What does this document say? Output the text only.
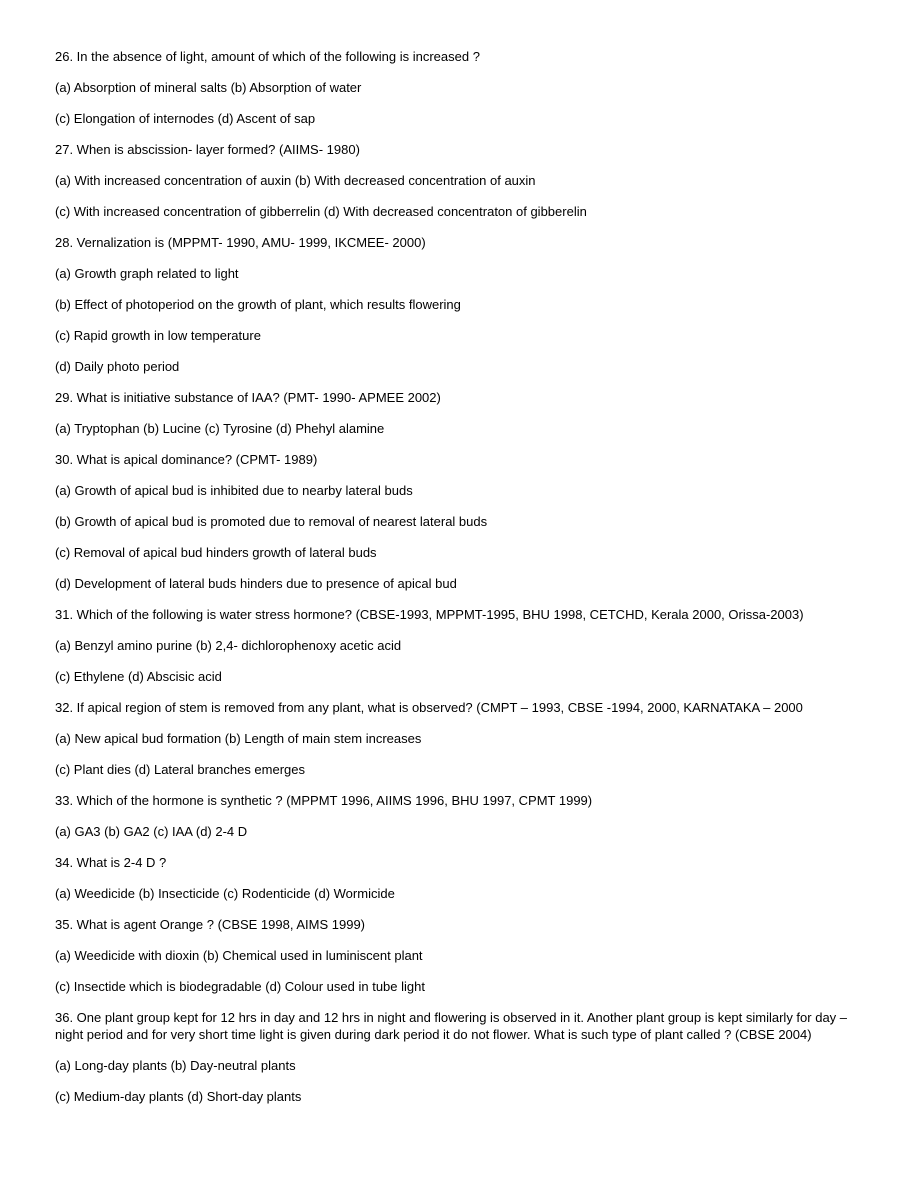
26. In the absence of light, amount of which of the following is increased ?

(a) Absorption of mineral salts (b) Absorption of water

(c) Elongation of internodes (d) Ascent of sap

27. When is abscission- layer formed? (AIIMS- 1980)

(a) With increased concentration of auxin (b) With decreased concentration of auxin

(c) With increased concentration of gibberrelin (d) With decreased concentraton of gibberelin

28. Vernalization is (MPPMT- 1990, AMU- 1999, IKCMEE- 2000)

(a) Growth graph related to light

(b) Effect of photoperiod on the growth of plant, which results flowering

(c) Rapid growth in low temperature

(d) Daily photo period

29. What is initiative substance of IAA? (PMT- 1990- APMEE 2002)

(a) Tryptophan (b) Lucine (c) Tyrosine (d) Phehyl alamine

30. What is apical dominance? (CPMT- 1989)

(a) Growth of apical bud is inhibited due to nearby lateral buds

(b) Growth of apical bud is promoted due to removal of nearest lateral buds

(c) Removal of apical bud hinders growth of lateral buds

(d) Development of lateral buds hinders due to presence of apical bud

31. Which of the following is water stress hormone? (CBSE-1993, MPPMT-1995, BHU 1998, CETCHD, Kerala 2000, Orissa-2003)

(a) Benzyl amino purine (b) 2,4- dichlorophenoxy acetic acid

(c) Ethylene (d) Abscisic acid

32. If apical region of stem is removed from any plant, what is observed? (CMPT – 1993, CBSE -1994, 2000, KARNATAKA – 2000

(a) New apical bud formation (b) Length of main stem increases

(c) Plant dies (d) Lateral branches emerges

33. Which of the hormone is synthetic ? (MPPMT 1996, AIIMS 1996, BHU 1997, CPMT 1999)

(a) GA3 (b) GA2 (c) IAA (d) 2-4 D

34. What is 2-4 D ?

(a) Weedicide (b) Insecticide (c) Rodenticide (d) Wormicide

35. What is agent Orange ? (CBSE 1998, AIMS 1999)

(a) Weedicide with dioxin (b) Chemical used in luminiscent plant

(c) Insectide which is biodegradable (d) Colour used in tube light

36. One plant group kept for 12 hrs in day and 12 hrs in night and flowering is observed in it. Another plant group is kept similarly for day – night period and for very short time light is given during dark period it do not flower. What is such type of plant called ? (CBSE 2004)

(a) Long-day plants (b) Day-neutral plants

(c) Medium-day plants (d) Short-day plants
